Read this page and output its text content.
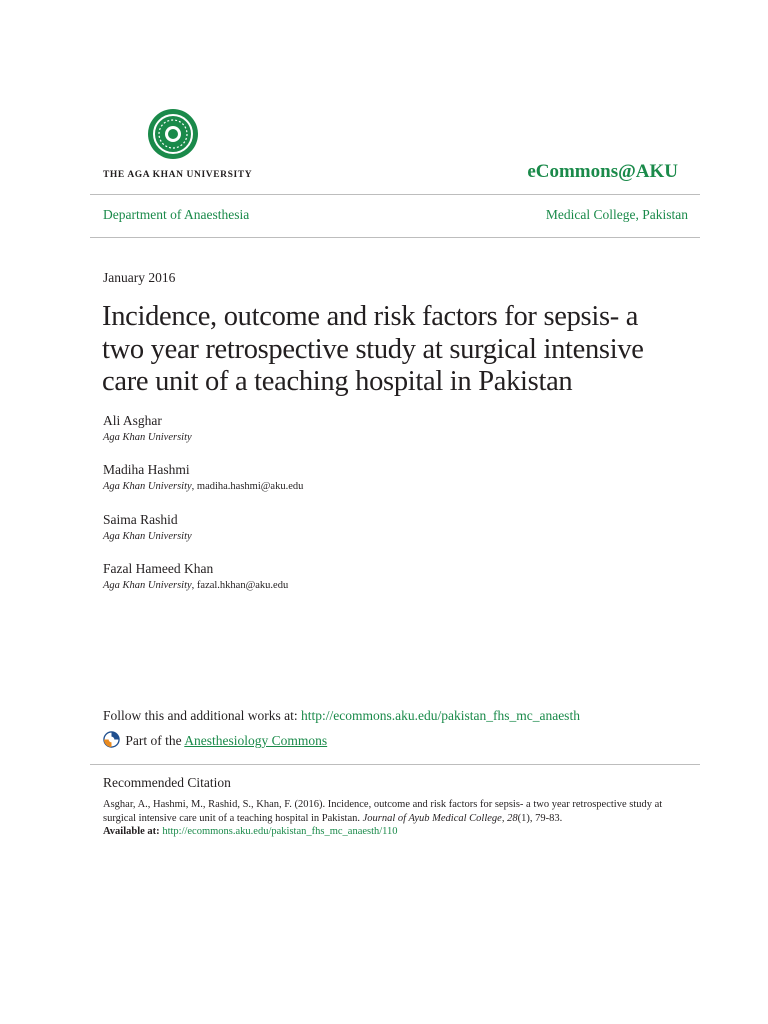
THE AGA KHAN UNIVERSITY	eCommons@AKU
Department of Anaesthesia	Medical College, Pakistan
January 2016
Incidence, outcome and risk factors for sepsis- a two year retrospective study at surgical intensive care unit of a teaching hospital in Pakistan
Ali Asghar
Aga Khan University
Madiha Hashmi
Aga Khan University, madiha.hashmi@aku.edu
Saima Rashid
Aga Khan University
Fazal Hameed Khan
Aga Khan University, fazal.hkhan@aku.edu
Follow this and additional works at: http://ecommons.aku.edu/pakistan_fhs_mc_anaesth
Part of the Anesthesiology Commons
Recommended Citation
Asghar, A., Hashmi, M., Rashid, S., Khan, F. (2016). Incidence, outcome and risk factors for sepsis- a two year retrospective study at surgical intensive care unit of a teaching hospital in Pakistan. Journal of Ayub Medical College, 28(1), 79-83.
Available at: http://ecommons.aku.edu/pakistan_fhs_mc_anaesth/110
